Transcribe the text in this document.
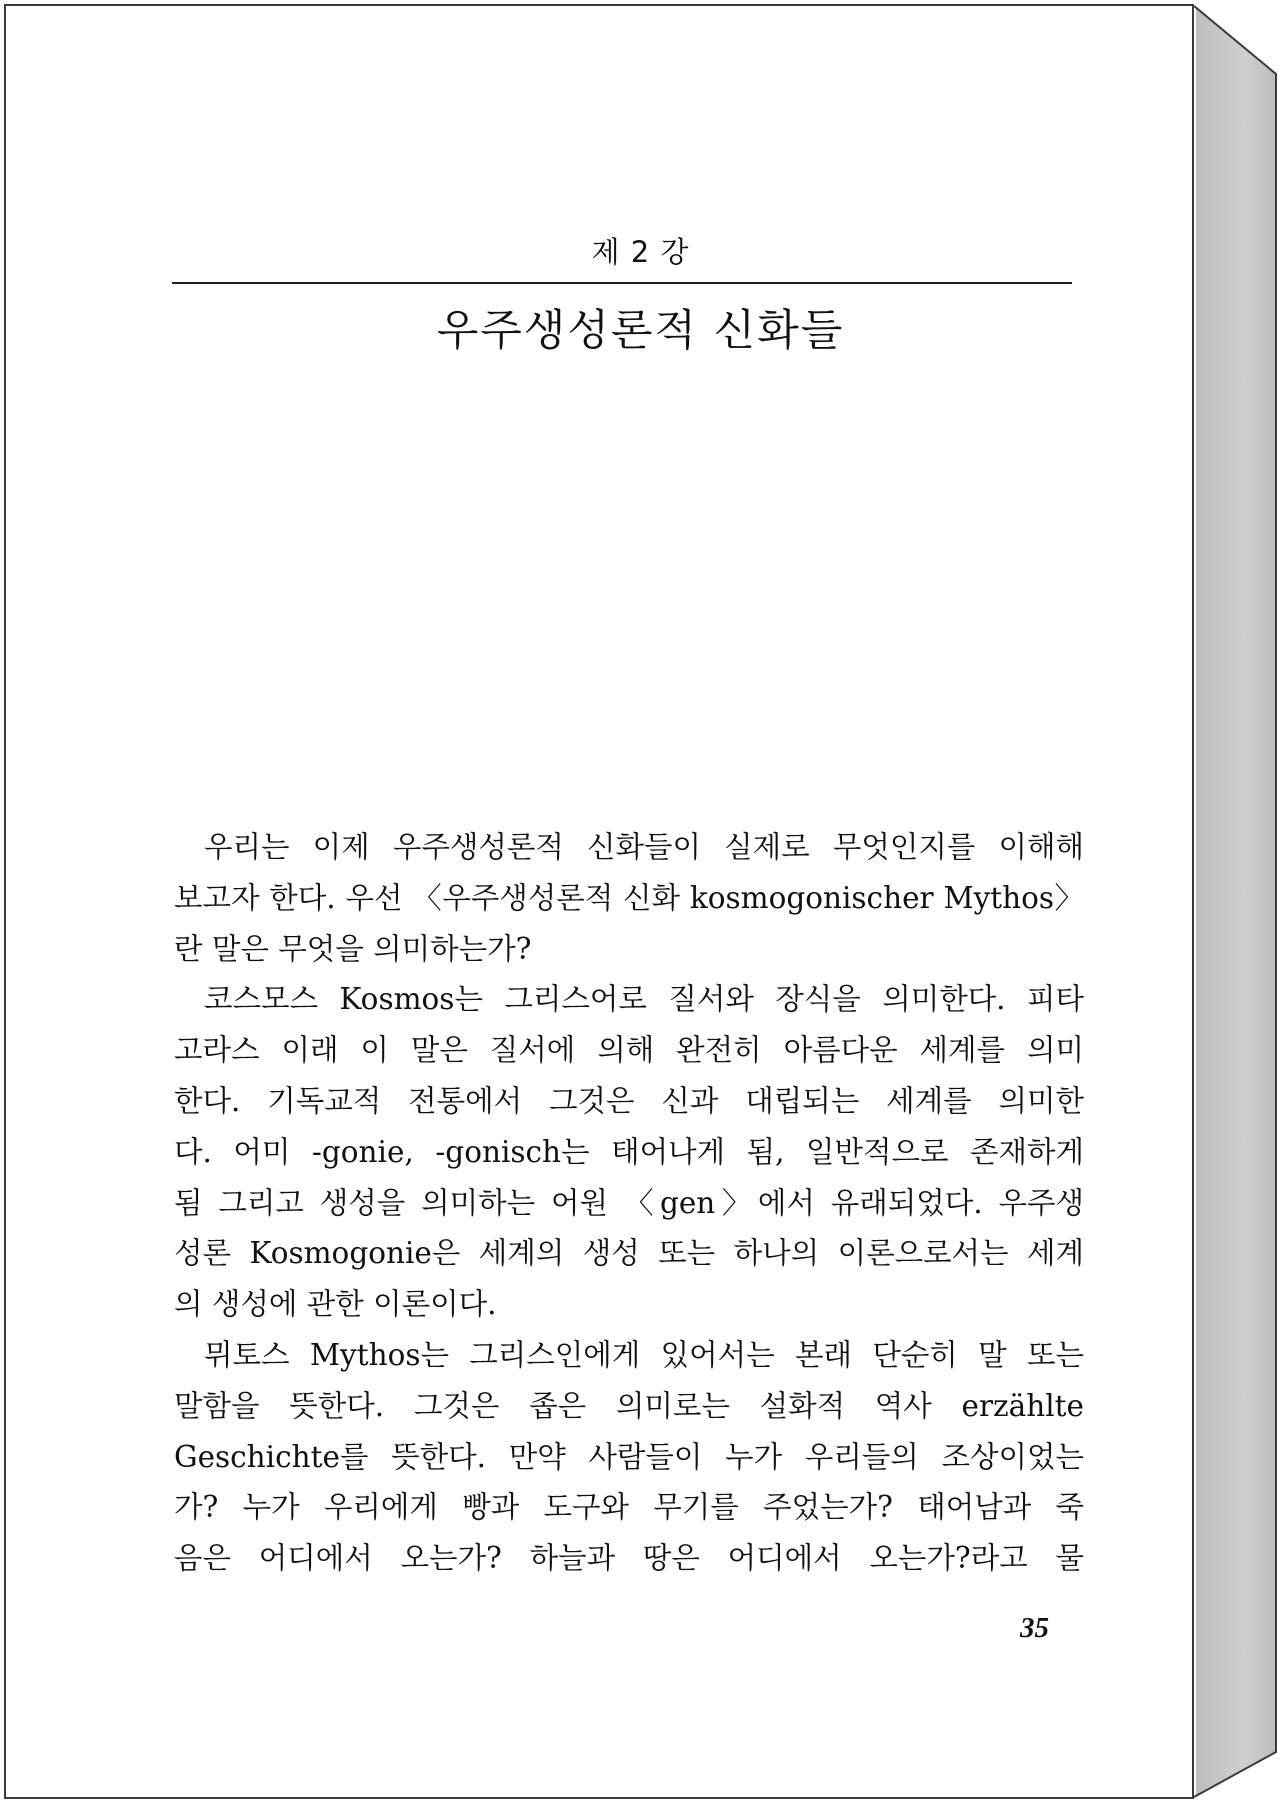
제 2 강
우주생성론적 신화들
우리는 이제 우주생성론적 신화들이 실제로 무엇인지를 이해해
보고자 한다. 우선 〈우주생성론적 신화 kosmogonischer Mythos〉
란 말은 무엇을 의미하는가?
코스모스 Kosmos는 그리스어로 질서와 장식을 의미한다. 피타
고라스 이래 이 말은 질서에 의해 완전히 아름다운 세계를 의미
한다. 기독교적 전통에서 그것은 신과 대립되는 세계를 의미한
다. 어미 -gonie, -gonisch는 태어나게 됨, 일반적으로 존재하게
됨 그리고 생성을 의미하는 어원 〈gen〉에서 유래되었다. 우주생
성론 Kosmogonie은 세계의 생성 또는 하나의 이론으로서는 세계
의 생성에 관한 이론이다.
뮈토스 Mythos는 그리스인에게 있어서는 본래 단순히 말 또는
말함을 뜻한다. 그것은 좁은 의미로는 설화적 역사 erzählte
Geschichte를 뜻한다. 만약 사람들이 누가 우리들의 조상이었는
가? 누가 우리에게 빵과 도구와 무기를 주었는가? 태어남과 죽
음은 어디에서 오는가? 하늘과 땅은 어디에서 오는가?라고 물
35
